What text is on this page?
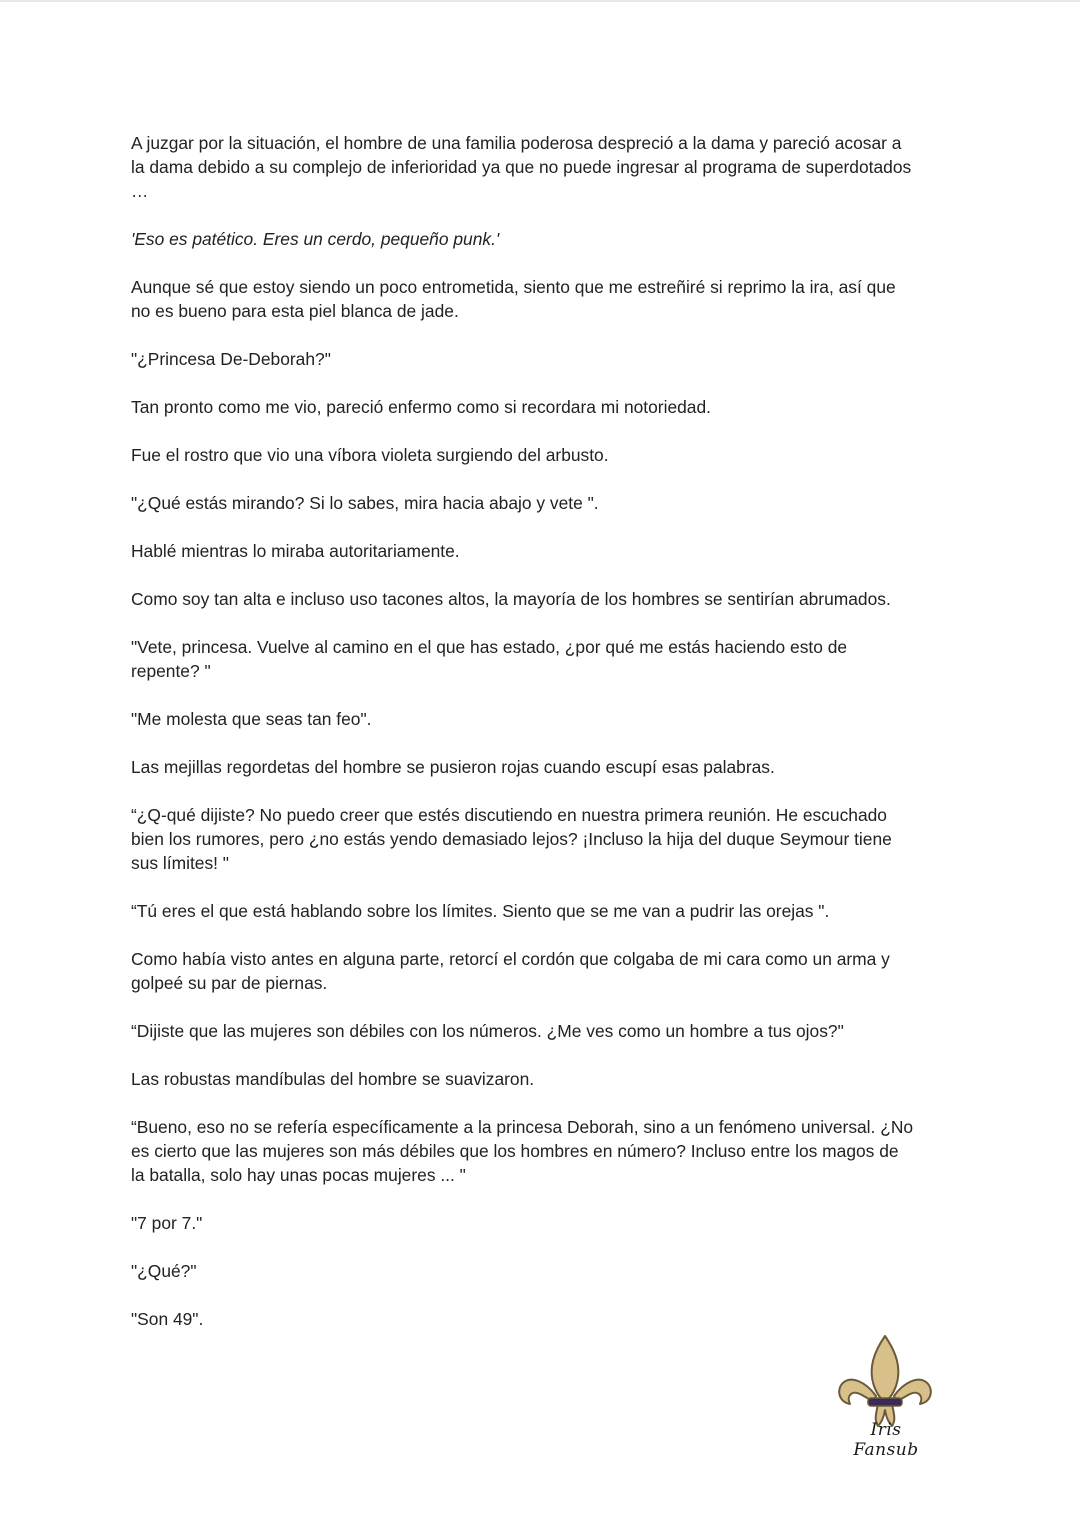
A juzgar por la situación, el hombre de una familia poderosa despreció a la dama y pareció acosar a
la dama debido a su complejo de inferioridad ya que no puede ingresar al programa de superdotados
…

'Eso es patético. Eres un cerdo, pequeño punk.'

Aunque sé que estoy siendo un poco entrometida, siento que me estreñiré si reprimo la ira, así que
no es bueno para esta piel blanca de jade.

"¿Princesa De-Deborah?"

Tan pronto como me vio, pareció enfermo como si recordara mi notoriedad.

Fue el rostro que vio una víbora violeta surgiendo del arbusto.

"¿Qué estás mirando? Si lo sabes, mira hacia abajo y vete ".

Hablé mientras lo miraba autoritariamente.

Como soy tan alta e incluso uso tacones altos, la mayoría de los hombres se sentirían abrumados.

"Vete, princesa. Vuelve al camino en el que has estado, ¿por qué me estás haciendo esto de
repente? "

"Me molesta que seas tan feo".

Las mejillas regordetas del hombre se pusieron rojas cuando escupí esas palabras.

“¿Q-qué dijiste? No puedo creer que estés discutiendo en nuestra primera reunión. He escuchado
bien los rumores, pero ¿no estás yendo demasiado lejos? ¡Incluso la hija del duque Seymour tiene
sus límites! "

“Tú eres el que está hablando sobre los límites. Siento que se me van a pudrir las orejas ".

Como había visto antes en alguna parte, retorcí el cordón que colgaba de mi cara como un arma y
golpeé su par de piernas.

“Dijiste que las mujeres son débiles con los números. ¿Me ves como un hombre a tus ojos?"

Las robustas mandíbulas del hombre se suavizaron.

“Bueno, eso no se refería específicamente a la princesa Deborah, sino a un fenómeno universal. ¿No
es cierto que las mujeres son más débiles que los hombres en número? Incluso entre los magos de
la batalla, solo hay unas pocas mujeres ... "

"7 por 7."

"¿Qué?"

"Son 49".

Iris Fansub
